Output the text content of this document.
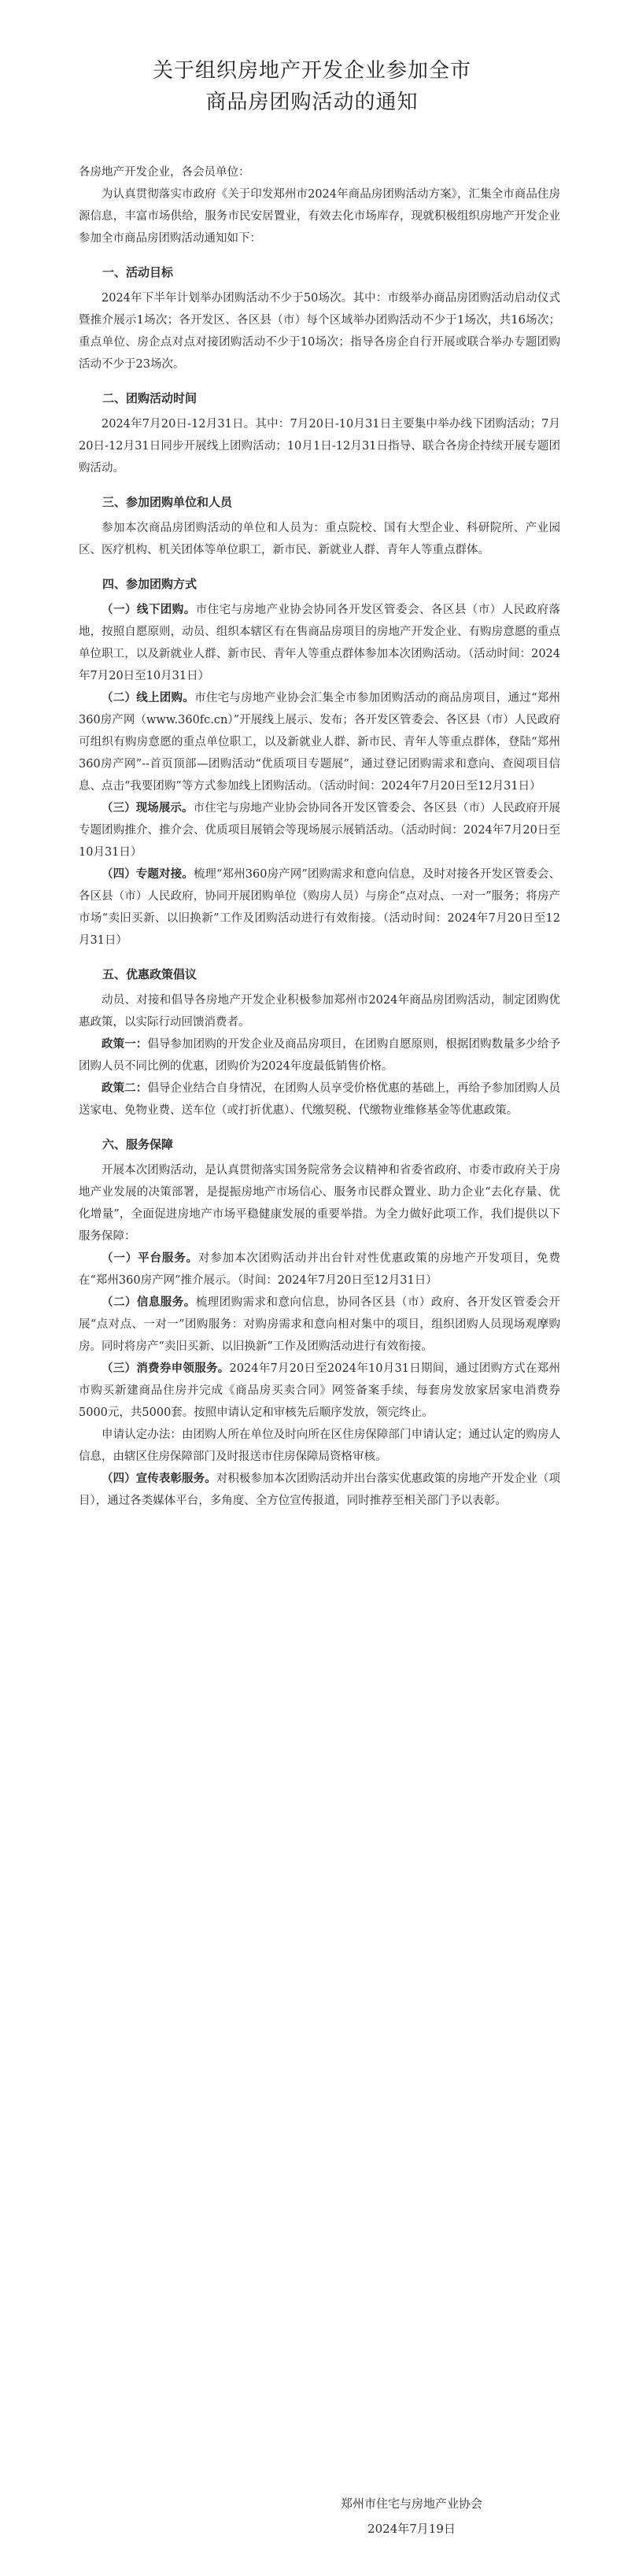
关于组织房地产开发企业参加全市
商品房团购活动的通知

各房地产开发企业，各会员单位：

为认真贯彻落实市政府《关于印发郑州市2024年商品房团购活动方案》，汇集全市商品住房源信息，丰富市场供给，服务市民安居置业，有效去化市场库存，现就积极组织房地产开发企业参加全市商品房团购活动通知如下：

一、活动目标

2024年下半年计划举办团购活动不少于50场次。其中：市级举办商品房团购活动启动仪式暨推介展示1场次；各开发区、各区县（市）每个区域举办团购活动不少于1场次，共16场次；重点单位、房企点对点对接团购活动不少于10场次；指导各房企自行开展或联合举办专题团购活动不少于23场次。

二、团购活动时间

2024年7月20日-12月31日。其中：7月20日-10月31日主要集中举办线下团购活动；7月20日-12月31日同步开展线上团购活动；10月1日-12月31日指导、联合各房企持续开展专题团购活动。

三、参加团购单位和人员

参加本次商品房团购活动的单位和人员为：重点院校、国有大型企业、科研院所、产业园区、医疗机构、机关团体等单位职工，新市民、新就业人群、青年人等重点群体。

四、参加团购方式

（一）线下团购。市住宅与房地产业协会协同各开发区管委会、各区县（市）人民政府落地，按照自愿原则，动员、组织本辖区有在售商品房项目的房地产开发企业、有购房意愿的重点单位职工，以及新就业人群、新市民、青年人等重点群体参加本次团购活动。（活动时间：2024年7月20日至10月31日）

（二）线上团购。市住宅与房地产业协会汇集全市参加团购活动的商品房项目，通过“郑州360房产网（www.360fc.cn）”开展线上展示、发布；各开发区管委会、各区县（市）人民政府可组织有购房意愿的重点单位职工，以及新就业人群、新市民、青年人等重点群体，登陆“郑州360房产网”--首页顶部—团购活动“优质项目专题展”，通过登记团购需求和意向、查阅项目信息、点击“我要团购”等方式参加线上团购活动。（活动时间：2024年7月20日至12月31日）

（三）现场展示。市住宅与房地产业协会协同各开发区管委会、各区县（市）人民政府开展专题团购推介、推介会、优质项目展销会等现场展示展销活动。（活动时间：2024年7月20日至10月31日）

（四）专题对接。梳理“郑州360房产网”团购需求和意向信息，及时对接各开发区管委会、各区县（市）人民政府，协同开展团购单位（购房人员）与房企“点对点、一对一”服务；将房产市场“卖旧买新、以旧换新”工作及团购活动进行有效衔接。（活动时间：2024年7月20日至12月31日）

五、优惠政策倡议

动员、对接和倡导各房地产开发企业积极参加郑州市2024年商品房团购活动，制定团购优惠政策，以实际行动回馈消费者。

政策一：倡导参加团购的开发企业及商品房项目，在团购自愿原则，根据团购数量多少给予团购人员不同比例的优惠，团购价为2024年度最低销售价格。

政策二：倡导企业结合自身情况，在团购人员享受价格优惠的基础上，再给予参加团购人员送家电、免物业费、送车位（或打折优惠）、代缴契税、代缴物业维修基金等优惠政策。

六、服务保障

开展本次团购活动，是认真贯彻落实国务院常务会议精神和省委省政府、市委市政府关于房地产业发展的决策部署，是提振房地产市场信心、服务市民群众置业、助力企业“去化存量、优化增量”，全面促进房地产市场平稳健康发展的重要举措。为全力做好此项工作，我们提供以下服务保障：

（一）平台服务。对参加本次团购活动并出台针对性优惠政策的房地产开发项目，免费在“郑州360房产网”推介展示。（时间：2024年7月20日至12月31日）

（二）信息服务。梳理团购需求和意向信息，协同各区县（市）政府、各开发区管委会开展“点对点、一对一”团购服务：对购房需求和意向相对集中的项目，组织团购人员现场观摩购房。同时将房产“卖旧买新、以旧换新”工作及团购活动进行有效衔接。

（三）消费券申领服务。2024年7月20日至2024年10月31日期间，通过团购方式在郑州市购买新建商品住房并完成《商品房买卖合同》网签备案手续，每套房发放家居家电消费券5000元，共5000套。按照申请认定和审核先后顺序发放，领完终止。

申请认定办法：由团购人所在单位及时向所在区住房保障部门申请认定；通过认定的购房人信息，由辖区住房保障部门及时报送市住房保障局资格审核。

（四）宣传表彰服务。对积极参加本次团购活动并出台落实优惠政策的房地产开发企业（项目），通过各类媒体平台，多角度、全方位宣传报道，同时推荐至相关部门予以表彰。

郑州市住宅与房地产业协会
2024年7月19日
